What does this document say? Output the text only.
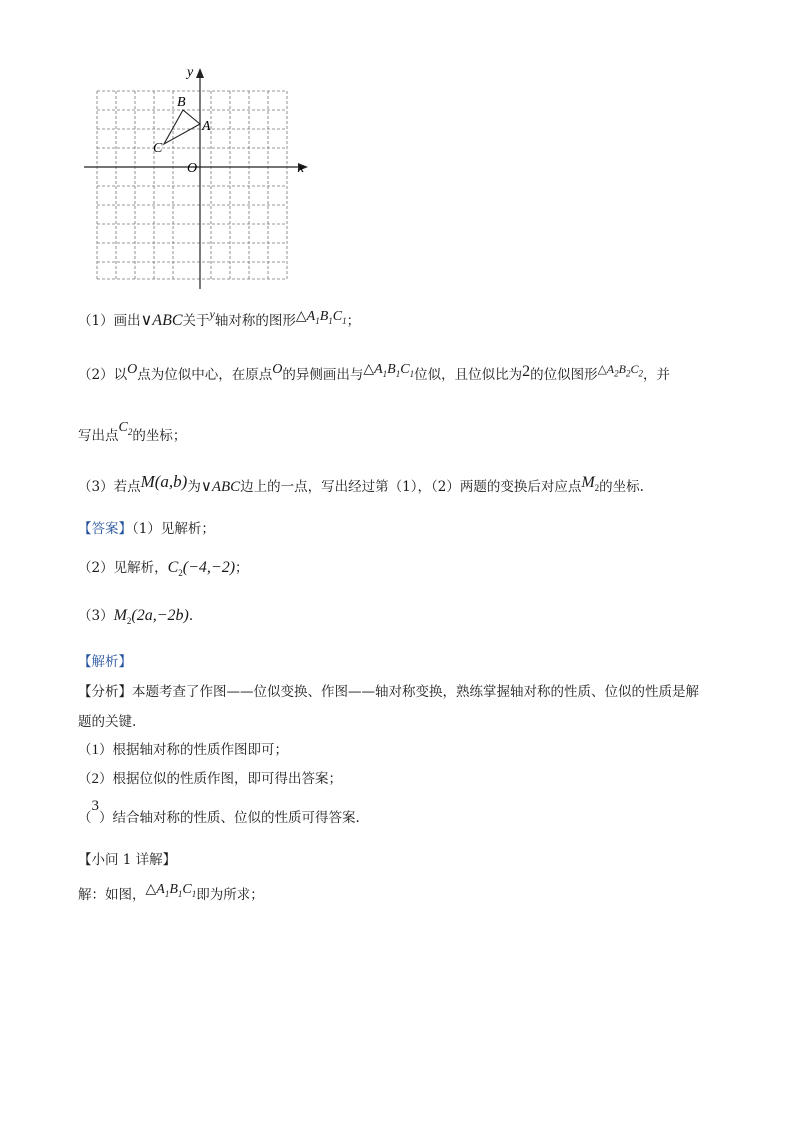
y
x
O
A
B
C
（1）画出∨ABC关于y轴对称的图形$\triangle A_1B_1C_1$；
（2）以O点为位似中心，在原点O的异侧画出与$\triangle A_1B_1C_1$位似，且位似比为2的位似图形$\triangle A_2B_2C_2$，并
写出点$C_2$的坐标；
（3）若点M(a,b)为∨ABC边上的一点，写出经过第（1），（2）两题的变换后对应点$M_2$的坐标.
【答案】（1）见解析；
（2）见解析，$C_2(-4,-2)$；
$(3)M_2(2a,-2b)$.
【解析】
【分析】本题考查了作图——位似变换、作图——轴对称变换，熟练掌握轴对称的性质、位似的性质是解
题的关键.
（1）根据轴对称的性质作图即可；
（2）根据位似的性质作图，即可得出答案；
（3）结合轴对称的性质、位似的性质可得答案.
【小问 1 详解】
解：如图，$\triangle A_1B_1C_1$即为所求；
